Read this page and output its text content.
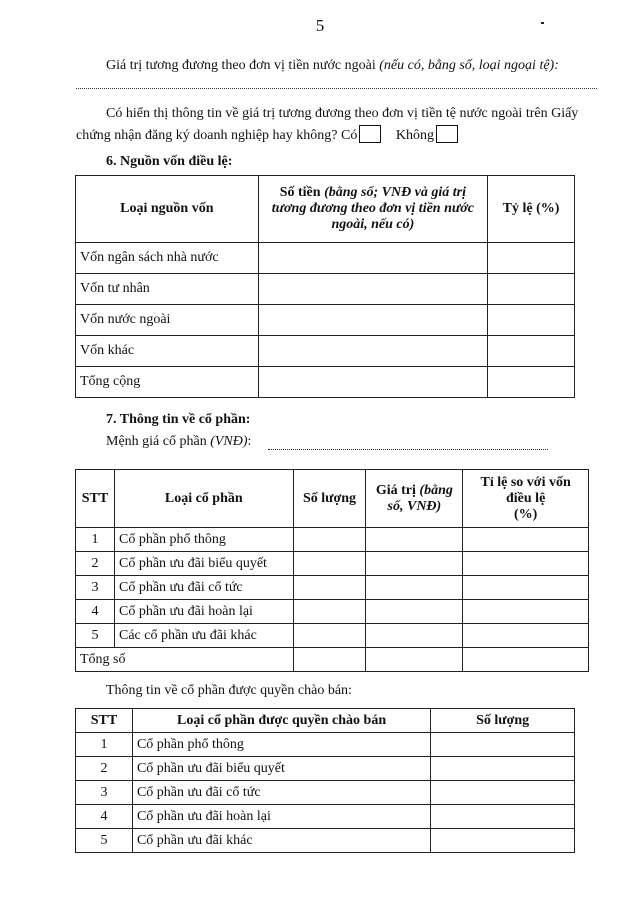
5
Giá trị tương đương theo đơn vị tiền nước ngoài (nếu có, bằng số, loại ngoại tệ):
Có hiển thị thông tin về giá trị tương đương theo đơn vị tiền tệ nước ngoài trên Giấy
chứng nhận đăng ký doanh nghiệp hay không? Có	Không
6. Nguồn vốn điều lệ:
Loại nguồn vốn	Số tiền (bằng số; VNĐ và giá trị tương đương theo đơn vị tiền nước ngoài, nếu có)	Tỷ lệ (%)
Vốn ngân sách nhà nước		
Vốn tư nhân		
Vốn nước ngoài		
Vốn khác		
Tổng cộng		
7. Thông tin về cổ phần:
Mệnh giá cổ phần (VNĐ):
STT	Loại cổ phần	Số lượng	Giá trị (bằng số, VNĐ)	Tỉ lệ so với vốn điều lệ
(%)
1	Cổ phần phổ thông			
2	Cổ phần ưu đãi biểu quyết			
3	Cổ phần ưu đãi cổ tức			
4	Cổ phần ưu đãi hoàn lại			
5	Các cổ phần ưu đãi khác			
Tổng số				
Thông tin về cổ phần được quyền chào bán:
STT	Loại cổ phần được quyền chào bán	Số lượng
1	Cổ phần phổ thông	
2	Cổ phần ưu đãi biểu quyết	
3	Cổ phần ưu đãi cổ tức	
4	Cổ phần ưu đãi hoàn lại	
5	Cổ phần ưu đãi khác	
